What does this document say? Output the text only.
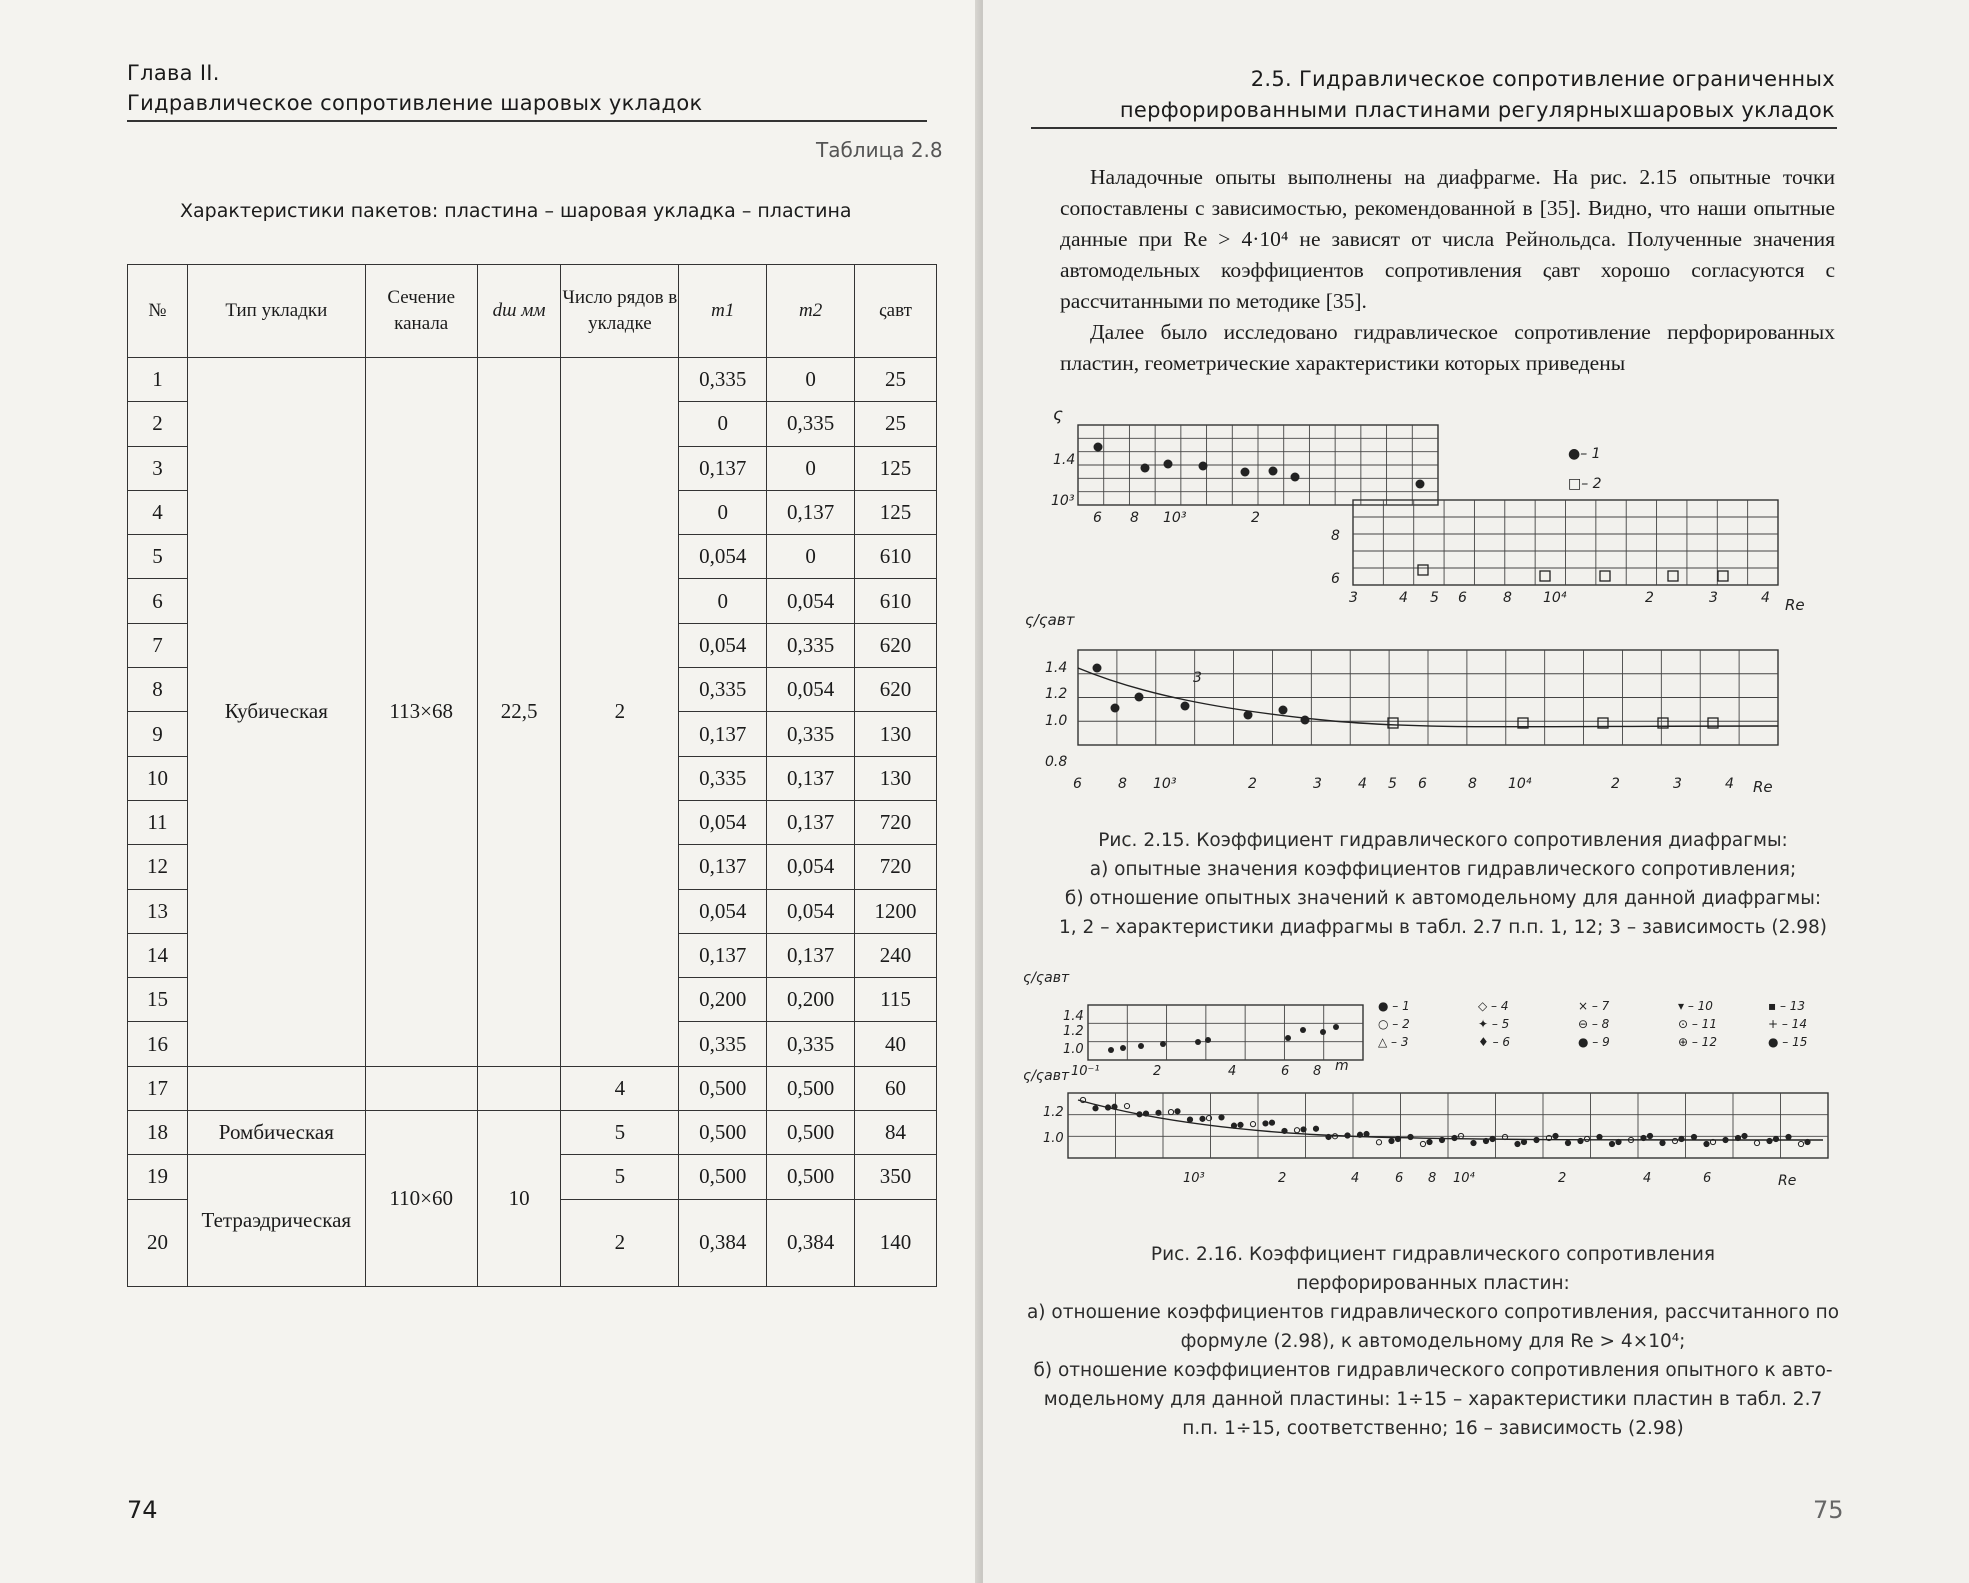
Глава II.
Гидравлическое сопротивление шаровых укладок
Таблица 2.8
Характеристики пакетов: пластина – шаровая укладка – пластина
№	Тип укладки	Сечение канала	dш мм	Число рядов в укладке	m1	m2	ςавт
1	Кубическая	113×68	22,5	2	0,335	0	25
2					0	0,335	25
3					0,137	0	125
4					0	0,137	125
5					0,054	0	610
6					0	0,054	610
7					0,054	0,335	620
8					0,335	0,054	620
9					0,137	0,335	130
10					0,335	0,137	130
11					0,054	0,137	720
12					0,137	0,054	720
13					0,054	0,054	1200
14					0,137	0,137	240
15					0,200	0,200	115
16					0,335	0,335	40
17				4	0,500	0,500	60
18	Ромбическая	110×60	10	5	0,500	0,500	84
19	Тетраэдрическая			5	0,500	0,500	350
20				2	0,384	0,384	140
74
2.5. Гидравлическое сопротивление ограниченных
перфорированными пластинами регулярныхшаровых укладок
Наладочные опыты выполнены на диафрагме. На рис. 2.15 опытные точки сопоставлены с зависимостью, рекомендованной в [35]. Видно, что наши опытные данные при Re > 4·10⁴ не зависят от числа Рейнольдса. Полученные значения автомодельных коэффициентов сопротивления ςавт хорошо согласуются с рассчитанными по методике [35].
Далее было исследовано гидравлическое сопротивление перфорированных пластин, геометрические характеристики которых приведены
ς
1.4
10³
6 8 10³	2
8
6
3	4 5 6	8 10⁴	2	3	4 Re
●– 1
□– 2
ς/ςавт
1.4
1.2
1.0
0.8
6	8 10³	2	3	4 5 6	8 10⁴	2	3	4 Re
3
Рис. 2.15. Коэффициент гидравлического сопротивления диафрагмы:
а) опытные значения коэффициентов гидравлического сопротивления;
б) отношение опытных значений к автомодельному для данной диафрагмы:
1, 2 – характеристики диафрагмы в табл. 2.7 п.п. 1, 12; 3 – зависимость (2.98)
ς/ςавт
1.4
1.2
1.0
10⁻¹	2	4	6 8 m
● – 1
○ – 2
△ – 3
◇ – 4
✦ – 5
♦ – 6
× – 7
⊖ – 8
● – 9
▾ – 10
⊙ – 11
⊕ – 12
▪ – 13
+ – 14
● – 15
ς/ςавт
1.2
1.0
10³	2	4	6 8 10⁴	2	4	6	Re
Рис. 2.16. Коэффициент гидравлического сопротивления
перфорированных пластин:
а) отношение коэффициентов гидравлического сопротивления, рассчитанного по
формуле (2.98), к автомодельному для Re > 4×10⁴;
б) отношение коэффициентов гидравлического сопротивления опытного к авто-
модельному для данной пластины: 1÷15 – характеристики пластин в табл. 2.7
п.п. 1÷15, соответственно; 16 – зависимость (2.98)
75
